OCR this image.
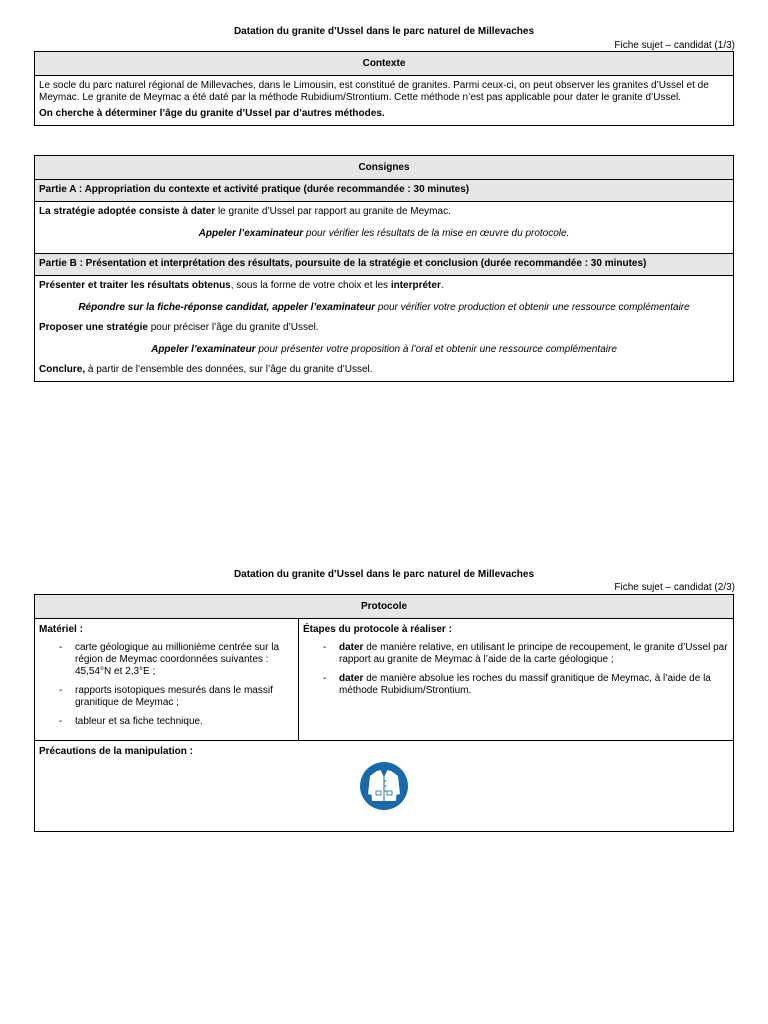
Datation du granite d’Ussel dans le parc naturel de Millevaches
Fiche sujet – candidat (1/3)
Contexte

Le socle du parc naturel régional de Millevaches, dans le Limousin, est constitué de granites. Parmi ceux-ci, on peut observer les granites d’Ussel et de Meymac. Le granite de Meymac a été daté par la méthode Rubidium/Strontium. Cette méthode n’est pas applicable pour dater le granite d’Ussel.

On cherche à déterminer l’âge du granite d’Ussel par d’autres méthodes.

Consignes
Partie A : Appropriation du contexte et activité pratique (durée recommandée : 30 minutes)

La stratégie adoptée consiste à dater le granite d’Ussel par rapport au granite de Meymac.

Appeler l’examinateur pour vérifier les résultats de la mise en œuvre du protocole.

Partie B : Présentation et interprétation des résultats, poursuite de la stratégie et conclusion (durée recommandée : 30 minutes)

Présenter et traiter les résultats obtenus, sous la forme de votre choix et les interpréter.

Répondre sur la fiche-réponse candidat, appeler l’examinateur pour vérifier votre production et obtenir une ressource complémentaire

Proposer une stratégie pour préciser l’âge du granite d’Ussel.

Appeler l’examinateur pour présenter votre proposition à l’oral et obtenir une ressource complémentaire

Conclure, à partir de l’ensemble des données, sur l’âge du granite d’Ussel.

Datation du granite d’Ussel dans le parc naturel de Millevaches
Fiche sujet – candidat (2/3)
Protocole
Matériel :
- carte géologique au millionième centrée sur la région de Meymac coordonnées suivantes : 45,54°N et 2,3°E ;
- rapports isotopiques mesurés dans le massif granitique de Meymac ;
- tableur et sa fiche technique.
Étapes du protocole à réaliser :
- dater de manière relative, en utilisant le principe de recoupement, le granite d’Ussel par rapport au granite de Meymac à l’aide de la carte géologique ;
- dater de manière absolue les roches du massif granitique de Meymac, à l’aide de la méthode Rubidium/Strontium.
Précautions de la manipulation :
